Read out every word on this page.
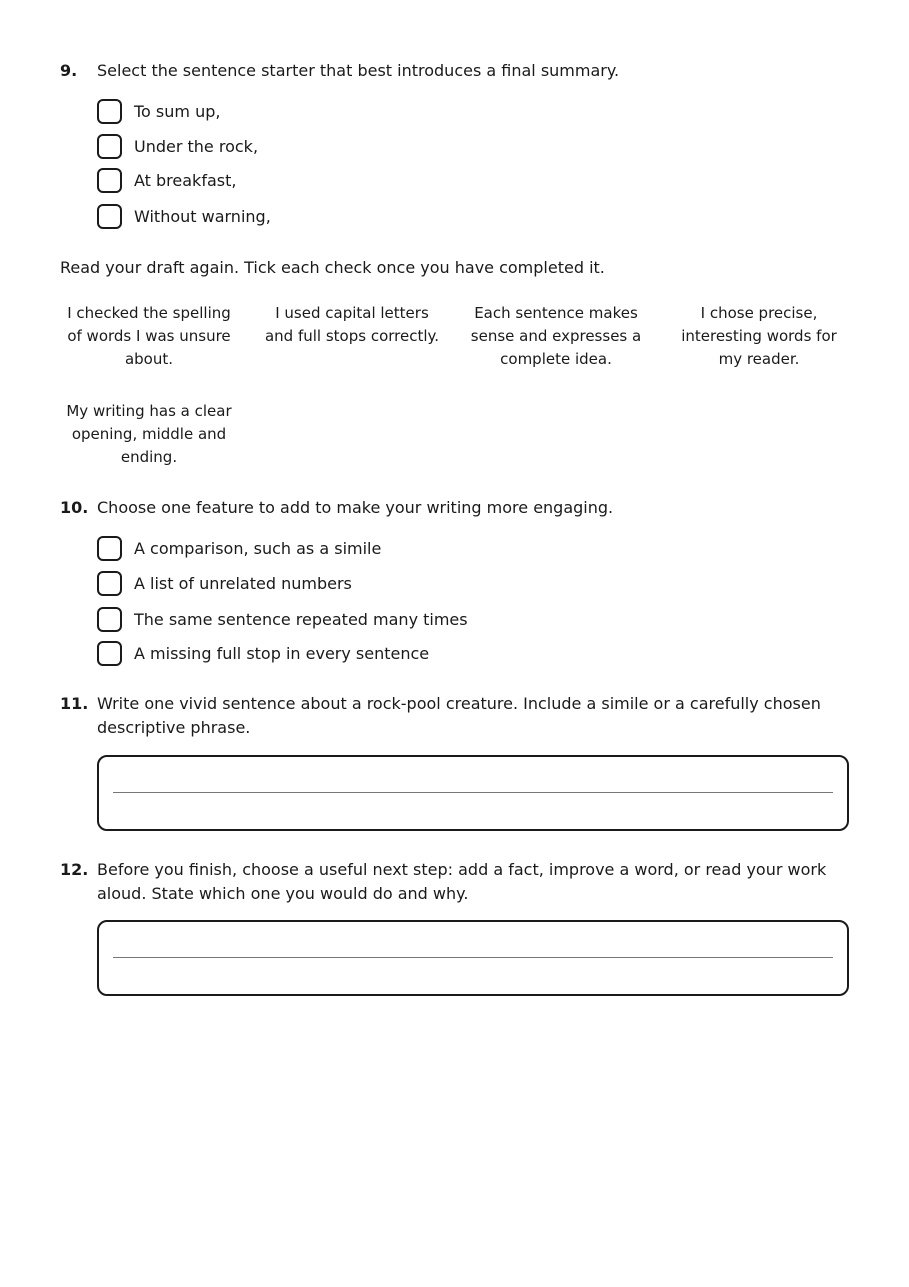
9.	Select the sentence starter that best introduces a final summary.
To sum up,
Under the rock,
At breakfast,
Without warning,
Read your draft again. Tick each check once you have completed it.
I checked the spelling of words I was unsure about.
I used capital letters and full stops correctly.
Each sentence makes sense and expresses a complete idea.
I chose precise, interesting words for my reader.
My writing has a clear opening, middle and ending.
10. Choose one feature to add to make your writing more engaging.
A comparison, such as a simile
A list of unrelated numbers
The same sentence repeated many times
A missing full stop in every sentence
11. Write one vivid sentence about a rock-pool creature. Include a simile or a carefully chosen descriptive phrase.
12. Before you finish, choose a useful next step: add a fact, improve a word, or read your work aloud. State which one you would do and why.
